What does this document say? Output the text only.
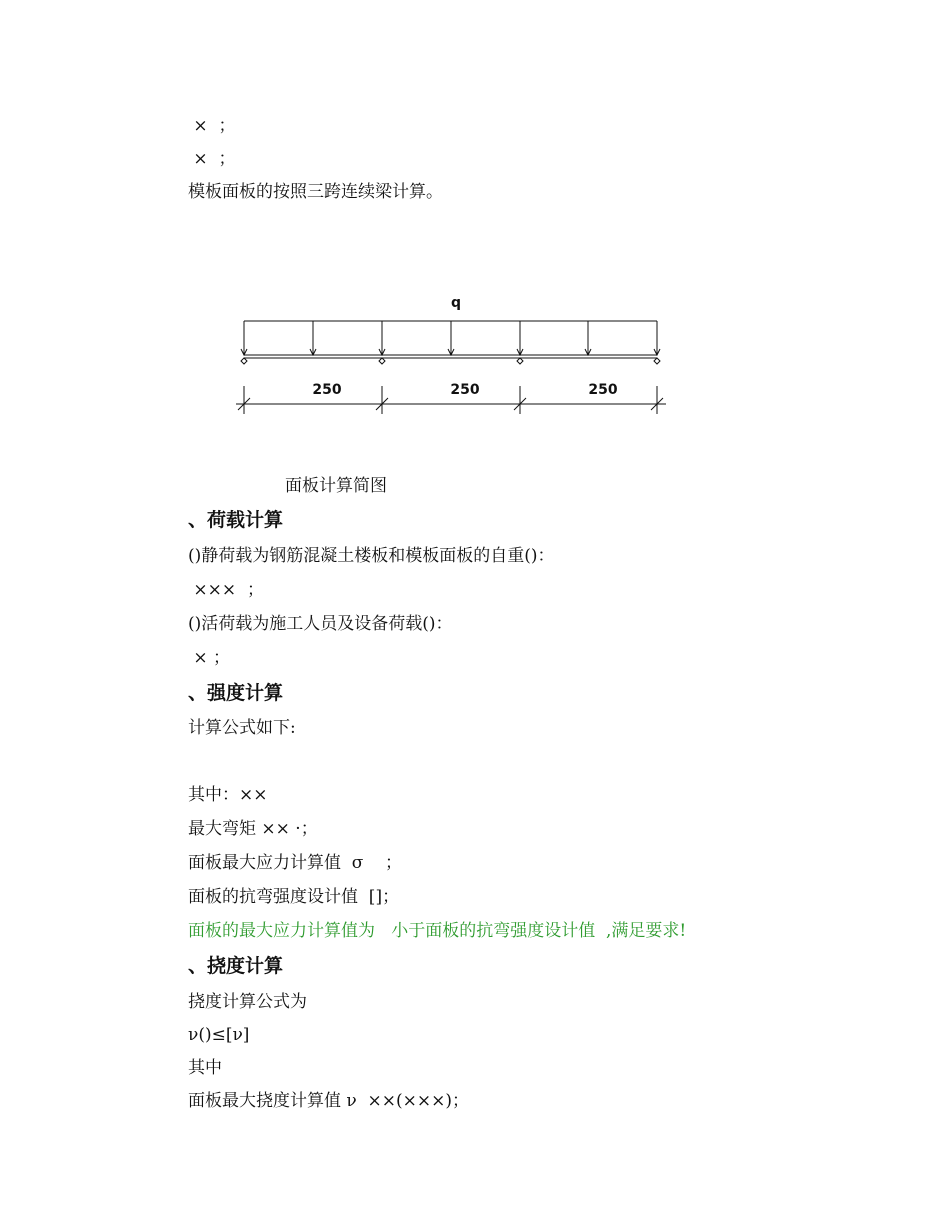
×  ；
×  ；
模板面板的按照三跨连续梁计算。
q
250	250	250
面板计算简图
、荷载计算
()静荷载为钢筋混凝土楼板和模板面板的自重()：
×××  ；
()活荷载为施工人员及设备荷载()：
× ；
、强度计算
计算公式如下:
其中：××
最大弯矩 ×× ·；
面板最大应力计算值  σ    ；
面板的抗弯强度设计值  []；
面板的最大应力计算值为   小于面板的抗弯强度设计值  ,满足要求!
、挠度计算
挠度计算公式为
ν()≤[ν]
其中
面板最大挠度计算值 ν  ××(×××)；
